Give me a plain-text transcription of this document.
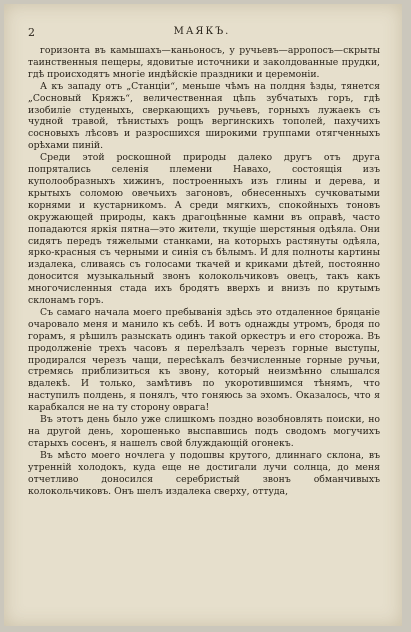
2	МАЯКЪ.

горизонта въ камышахъ—каньоносъ, у ручьевъ—арропосъ—скрыты таинственныя пещеры, ядовитые источники и заколдованные прудки, гдѣ происходятъ многіе индѣйскіе праздники и церемоніи.

А къ западу отъ „Станціи“, меньше чѣмъ на полдня ѣзды, тянется „Сосновый Кряжъ“, величественная цѣпь зубчатыхъ горъ, гдѣ изобиліе студеныхъ, сверкающихъ ручьевъ, горныхъ лужаекъ съ чудной травой, тѣнистыхъ рощъ вергинскихъ тополей, пахучихъ сосновыхъ лѣсовъ и разросшихся широкими группами отягченныхъ орѣхами пиній.

Среди этой роскошной природы далеко другъ отъ друга попрятались селенія племени Навахо, состоящія изъ куполообразныхъ хижинъ, построенныхъ изъ глины и дерева, и крытыхъ соломою овечьихъ загоновъ, обнесенныхъ сучковатыми корнями и кустарникомъ. А среди мягкихъ, спокойныхъ тоновъ окружающей природы, какъ драгоцѣнные камни въ оправѣ, часто попадаются яркія пятна—это жители, ткущіе шерстяныя одѣяла. Они сидятъ передъ тяжелыми станками, на которыхъ растянуты одѣяла, ярко-красныя съ черными и синія съ бѣлымъ. И для полноты картины издалека, сливаясь съ голосами ткачей и криками дѣтей, постоянно доносится музыкальный звонъ колокольчиковъ овецъ, такъ какъ многочисленныя стада ихъ бродятъ вверхъ и внизъ по крутымъ склонамъ горъ.

Съ самаго начала моего пребыванія здѣсь это отдаленное бряцаніе очаровало меня и манило къ себѣ. И вотъ однажды утромъ, бродя по горамъ, я рѣшилъ разыскать одинъ такой оркестръ и его сторожа. Въ продолженіе трехъ часовъ я перелѣзалъ черезъ горные выступы, продирался черезъ чащи, пересѣкалъ безчисленные горные ручьи, стремясь приблизиться къ звону, который неизмѣнно слышался вдалекѣ. И только, замѣтивъ по укоротившимся тѣнямъ, что наступилъ полдень, я понялъ, что гоняюсь за эхомъ. Оказалось, что я карабкался не на ту сторону оврага!

Въ этотъ день было уже слишкомъ поздно возобновлять поиски, но на другой день, хорошенько выспавшись подъ сводомъ могучихъ старыхъ сосенъ, я нашелъ свой блуждающій огонекъ.

Въ мѣсто моего ночлега у подошвы крутого, длиннаго склона, въ утренній холодокъ, куда еще не достигали лучи солнца, до меня отчетливо доносился серебристый звонъ обманчивыхъ колокольчиковъ. Онъ шелъ издалека сверху, оттуда,
